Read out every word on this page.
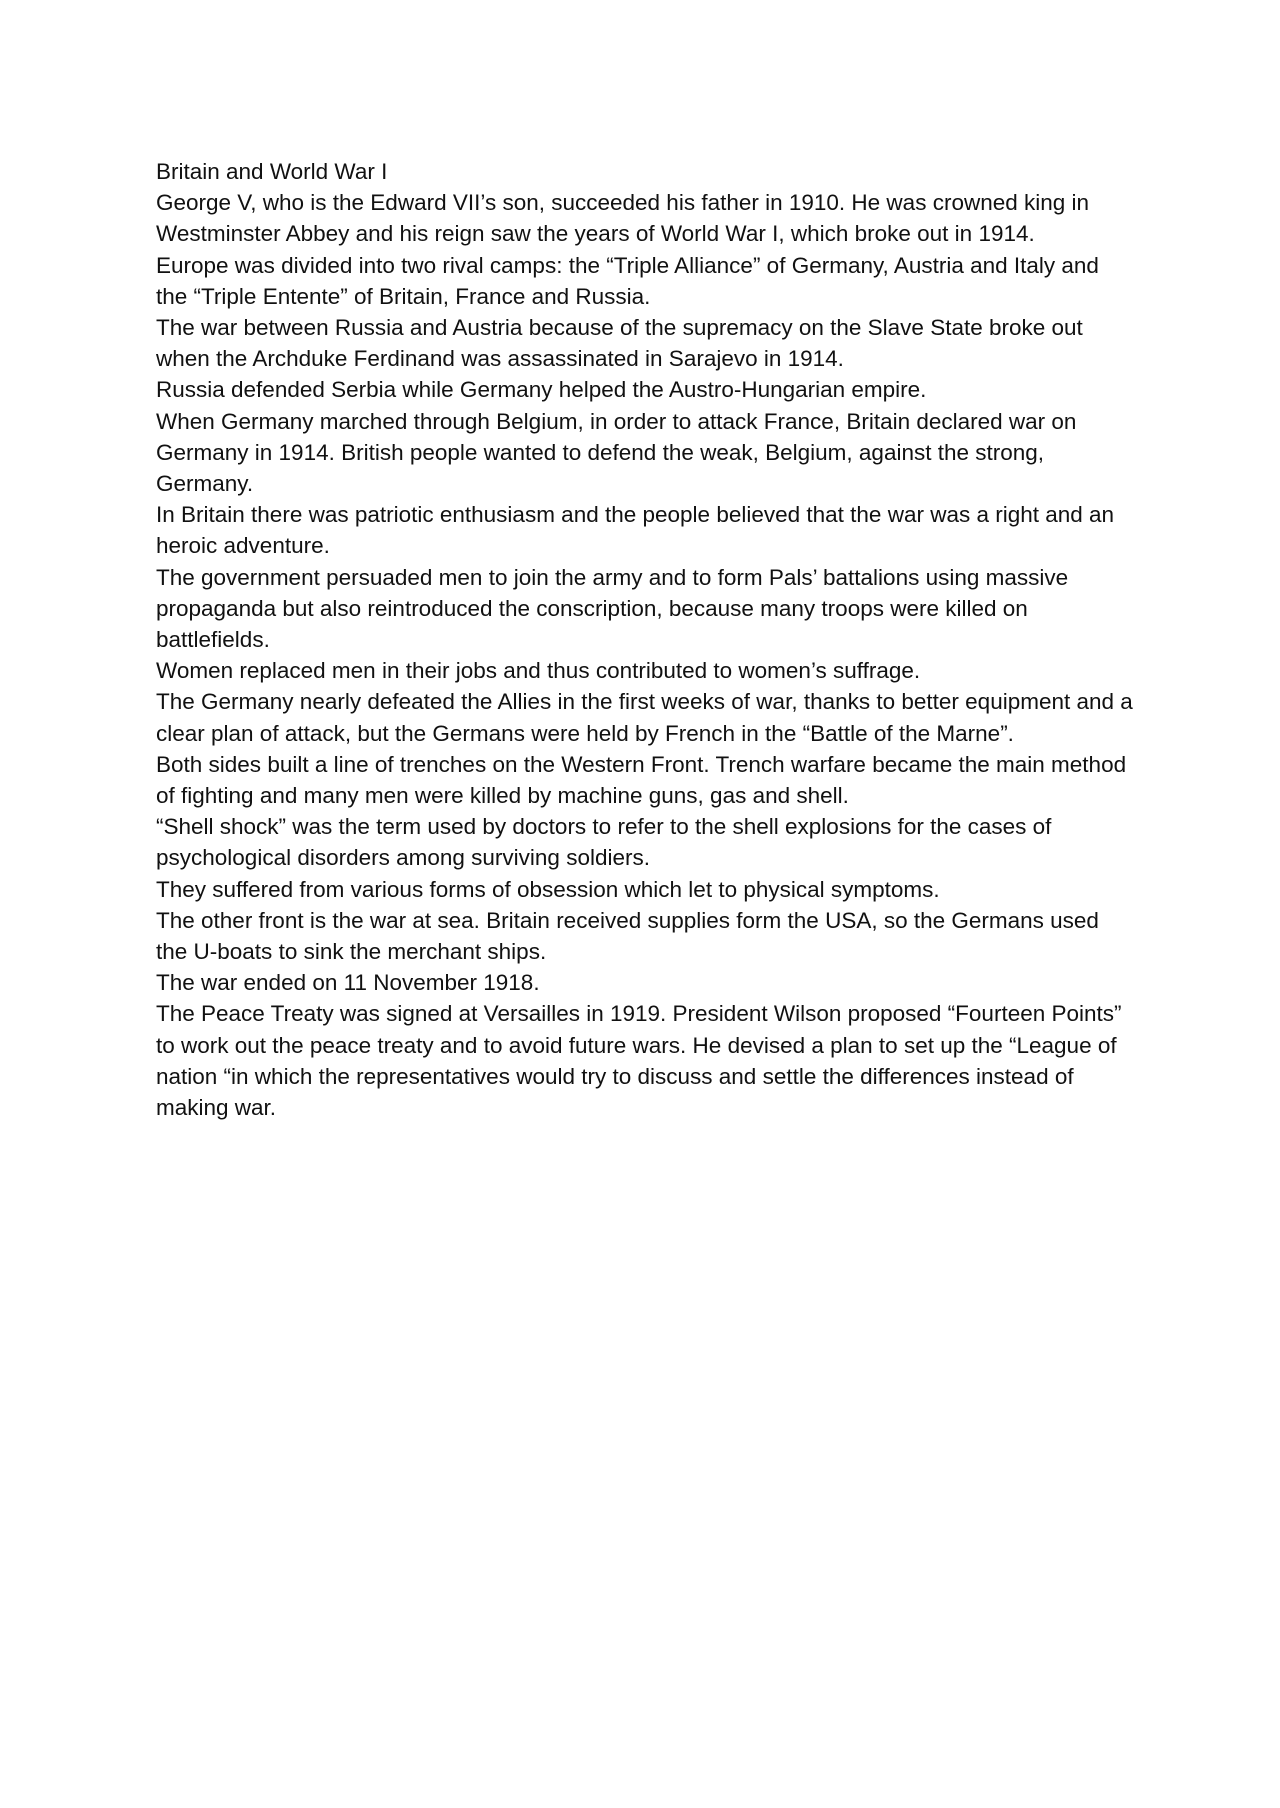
Britain and World War I

George V, who is the Edward VII’s son, succeeded his father in 1910. He was crowned king in Westminster Abbey and his reign saw the years of World War I, which broke out in 1914.

Europe was divided into two rival camps: the “Triple Alliance” of Germany, Austria and Italy and the “Triple Entente” of Britain, France and Russia.

The war between Russia and Austria because of the supremacy on the Slave State broke out when the Archduke Ferdinand was assassinated in Sarajevo in 1914.

Russia defended Serbia while Germany helped the Austro-Hungarian empire.

When Germany marched through Belgium, in order to attack France, Britain declared war on Germany in 1914. British people wanted to defend the weak, Belgium, against the strong, Germany.

In Britain there was patriotic enthusiasm and the people believed that the war was a right and an heroic adventure.

The government persuaded men to join the army and to form Pals’ battalions using massive propaganda but also reintroduced the conscription, because many troops were killed on battlefields.

Women replaced men in their jobs and thus contributed to women’s suffrage.

The Germany nearly defeated the Allies in the first weeks of war, thanks to better equipment and a clear plan of attack, but the Germans were held by French in the “Battle of the Marne”.

Both sides built a line of trenches on the Western Front. Trench warfare became the main method of fighting and many men were killed by machine guns, gas and shell.

“Shell shock” was the term used by doctors to refer to the shell explosions for the cases of psychological disorders among surviving soldiers.

They suffered from various forms of obsession which let to physical symptoms.

The other front is the war at sea. Britain received supplies form the USA, so the Germans used the U-boats to sink the merchant ships.

The war ended on 11 November 1918.

The Peace Treaty was signed at Versailles in 1919. President Wilson proposed “Fourteen Points” to work out the peace treaty and to avoid future wars. He devised a plan to set up the “League of nation “in which the representatives would try to discuss and settle the differences instead of making war.
